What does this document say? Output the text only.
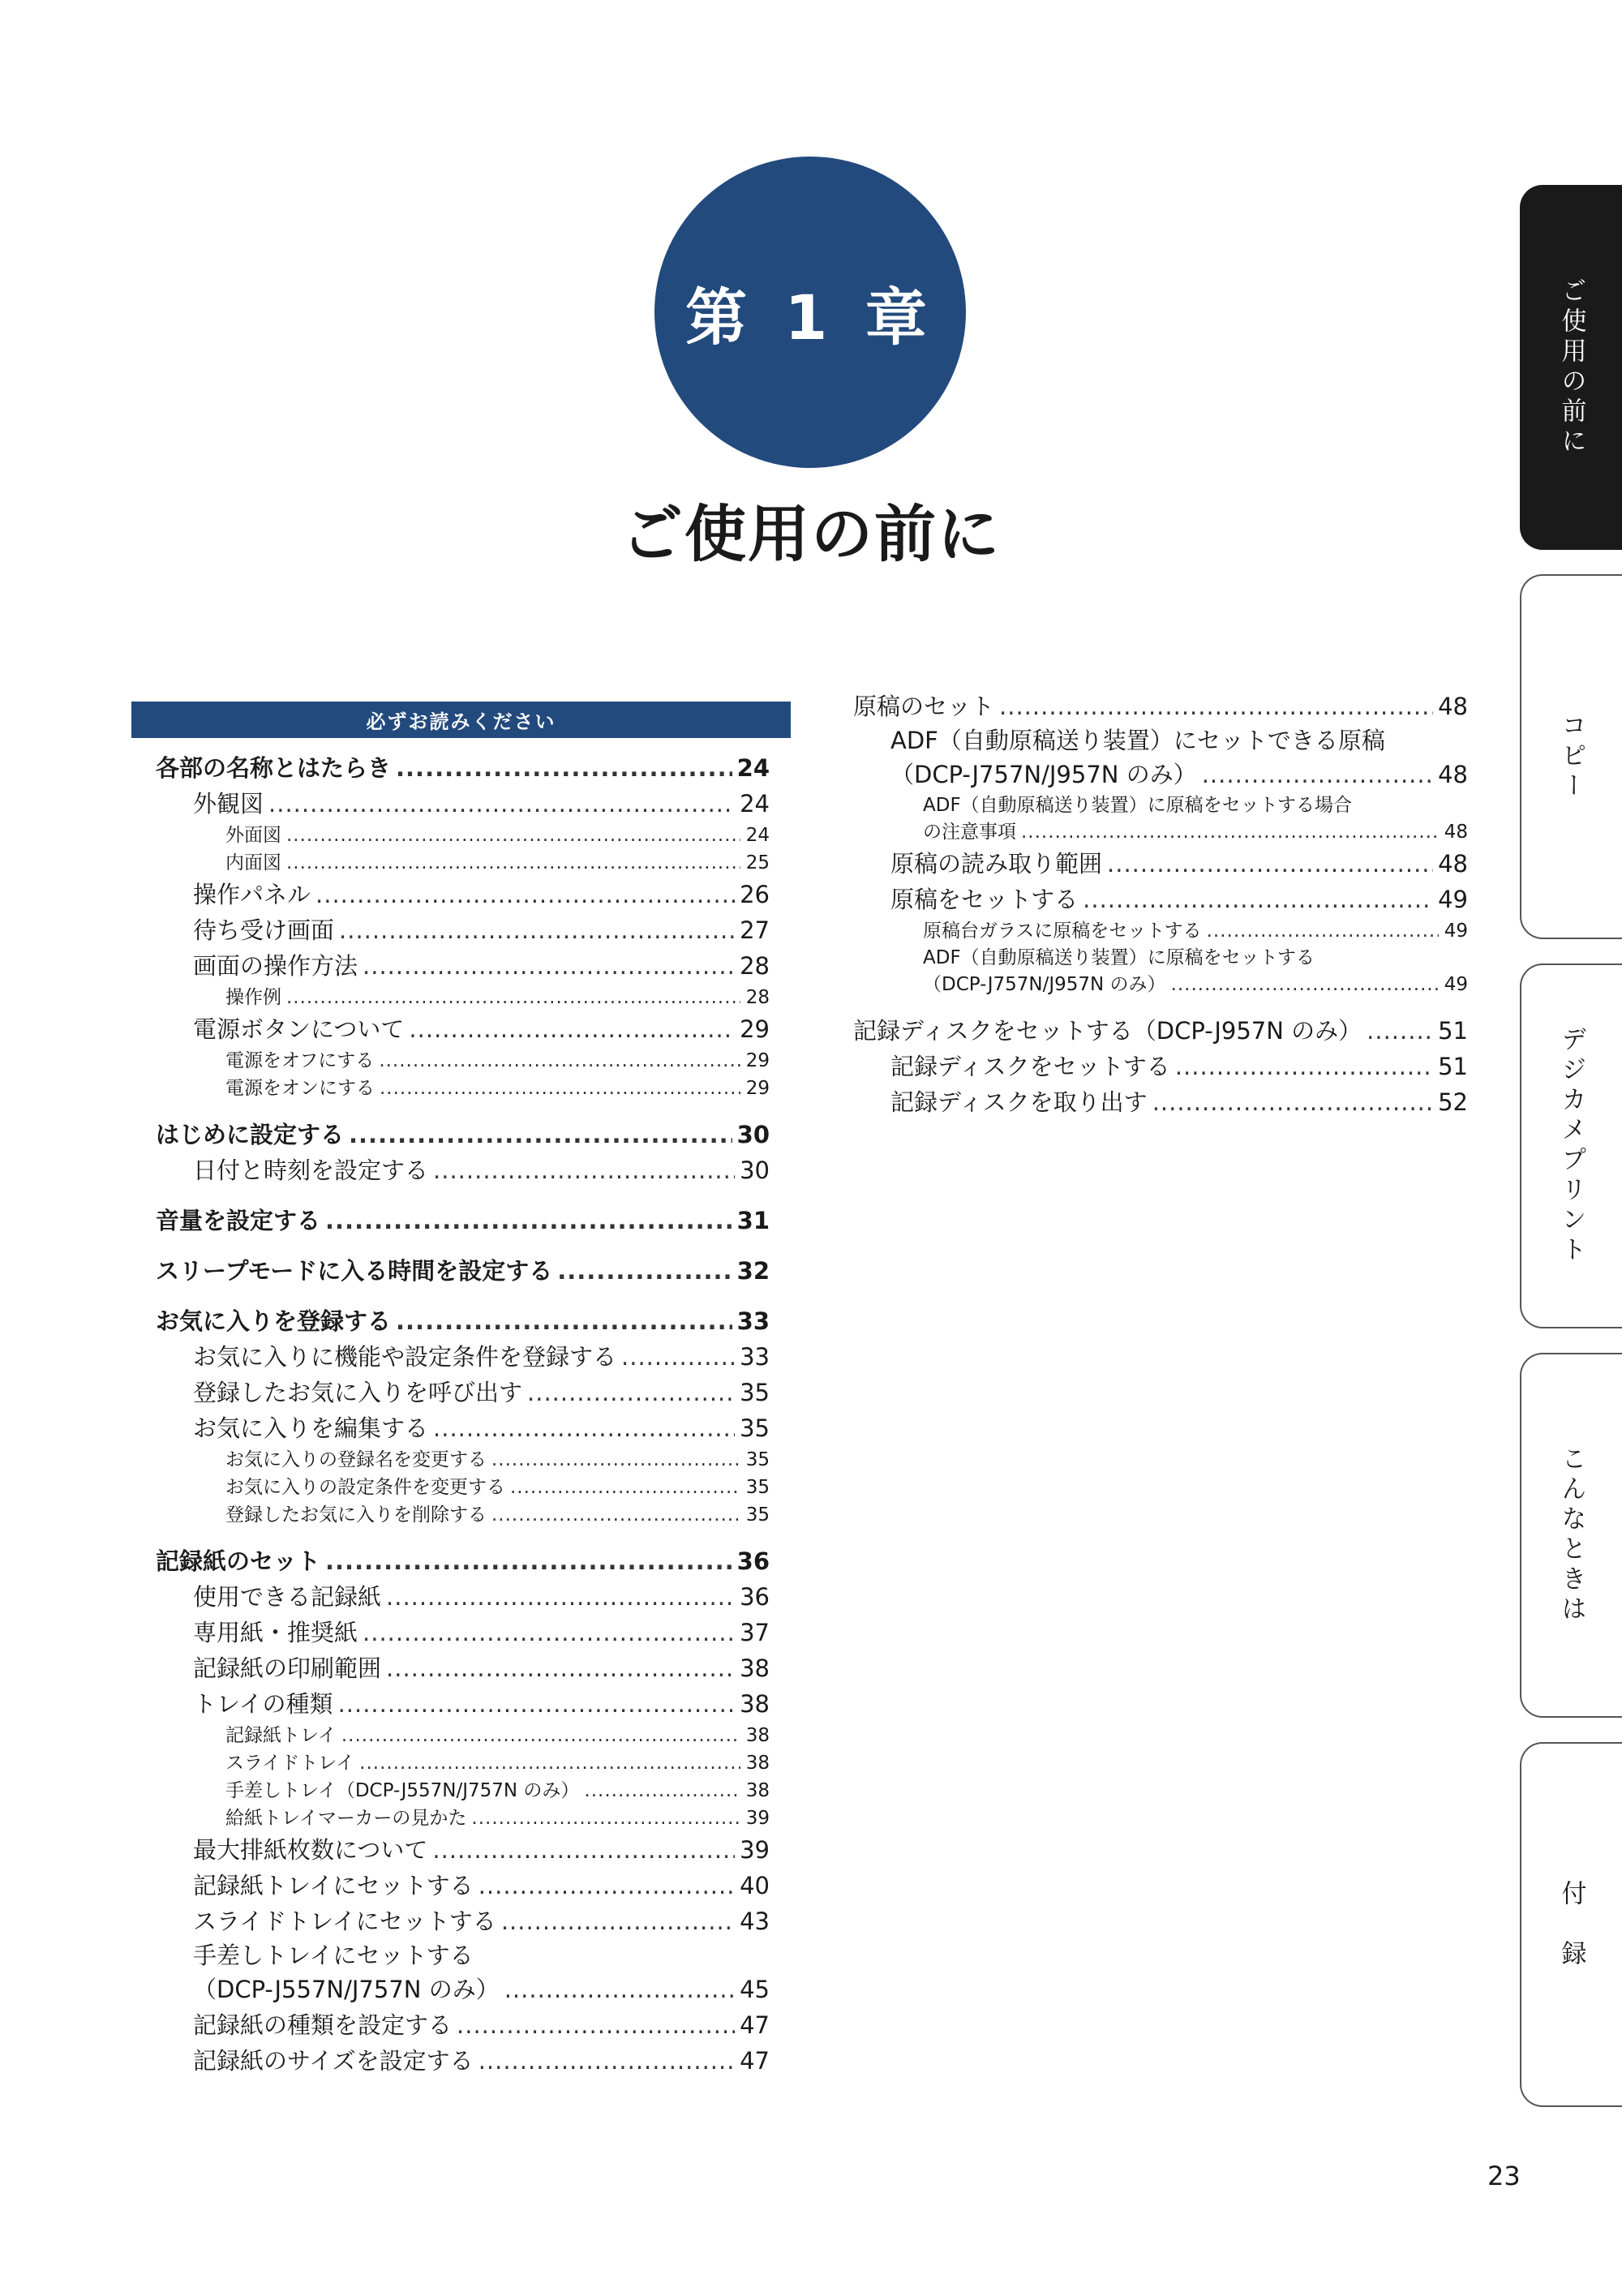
第 1 章
ご使用の前に
必ずお読みください
各部の名称とはたらき .....	24
外観図 .....	24
外面図 .....	24
内面図 .....	25
操作パネル .....	26
待ち受け画面 .....	27
画面の操作方法 .....	28
操作例 .....	28
電源ボタンについて .....	29
電源をオフにする .....	29
電源をオンにする .....	29
はじめに設定する .....	30
日付と時刻を設定する .....	30
音量を設定する .....	31
スリープモードに入る時間を設定する .....	32
お気に入りを登録する .....	33
お気に入りに機能や設定条件を登録する .....	33
登録したお気に入りを呼び出す .....	35
お気に入りを編集する .....	35
お気に入りの登録名を変更する .....	35
お気に入りの設定条件を変更する .....	35
登録したお気に入りを削除する .....	35
記録紙のセット .....	36
使用できる記録紙 .....	36
専用紙・推奨紙 .....	37
記録紙の印刷範囲 .....	38
トレイの種類 .....	38
記録紙トレイ .....	38
スライドトレイ .....	38
手差しトレイ（DCP-J557N/J757N のみ） .....	38
給紙トレイマーカーの見かた .....	39
最大排紙枚数について .....	39
記録紙トレイにセットする .....	40
スライドトレイにセットする .....	43
手差しトレイにセットする
（DCP-J557N/J757N のみ） .....	45
記録紙の種類を設定する .....	47
記録紙のサイズを設定する .....	47
原稿のセット .....	48
ADF（自動原稿送り装置）にセットできる原稿
（DCP-J757N/J957N のみ） .....	48
ADF（自動原稿送り装置）に原稿をセットする場合
の注意事項 .....	48
原稿の読み取り範囲 .....	48
原稿をセットする .....	49
原稿台ガラスに原稿をセットする .....	49
ADF（自動原稿送り装置）に原稿をセットする
（DCP-J757N/J957N のみ） .....	49
記録ディスクをセットする（DCP-J957N のみ） .....	51
記録ディスクをセットする .....	51
記録ディスクを取り出す .....	52
ご使用の前に
コピー
デジカメプリント
こんなときは
付　録
23
